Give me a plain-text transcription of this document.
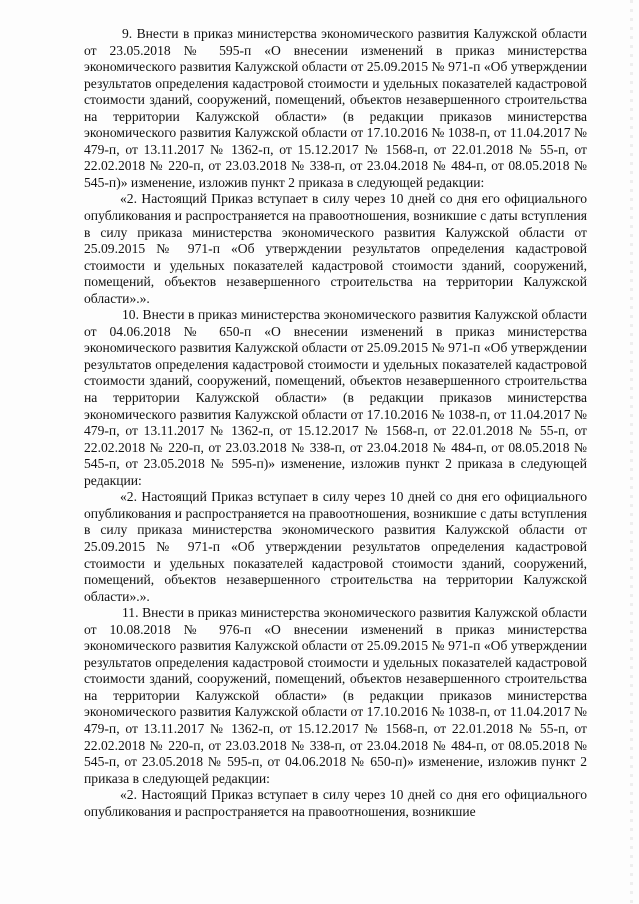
9. Внести в приказ министерства экономического развития Калужской области от 23.05.2018 № 595-п «О внесении изменений в приказ министерства экономического развития Калужской области от 25.09.2015 № 971-п «Об утверждении результатов определения кадастровой стоимости и удельных показателей кадастровой стоимости зданий, сооружений, помещений, объектов незавершенного строительства на территории Калужской области» (в редакции приказов министерства экономического развития Калужской области от 17.10.2016 № 1038-п, от 11.04.2017 № 479-п, от 13.11.2017 № 1362-п, от 15.12.2017 № 1568-п, от 22.01.2018 № 55-п, от 22.02.2018 № 220-п, от 23.03.2018 № 338-п, от 23.04.2018 № 484-п, от 08.05.2018 № 545-п)» изменение, изложив пункт 2 приказа в следующей редакции:

«2. Настоящий Приказ вступает в силу через 10 дней со дня его официального опубликования и распространяется на правоотношения, возникшие с даты вступления в силу приказа министерства экономического развития Калужской области от 25.09.2015 № 971-п «Об утверждении результатов определения кадастровой стоимости и удельных показателей кадастровой стоимости зданий, сооружений, помещений, объектов незавершенного строительства на территории Калужской области».».

10. Внести в приказ министерства экономического развития Калужской области от 04.06.2018 № 650-п «О внесении изменений в приказ министерства экономического развития Калужской области от 25.09.2015 № 971-п «Об утверждении результатов определения кадастровой стоимости и удельных показателей кадастровой стоимости зданий, сооружений, помещений, объектов незавершенного строительства на территории Калужской области» (в редакции приказов министерства экономического развития Калужской области от 17.10.2016 № 1038-п, от 11.04.2017 № 479-п, от 13.11.2017 № 1362-п, от 15.12.2017 № 1568-п, от 22.01.2018 № 55-п, от 22.02.2018 № 220-п, от 23.03.2018 № 338-п, от 23.04.2018 № 484-п, от 08.05.2018 № 545-п, от 23.05.2018 № 595-п)» изменение, изложив пункт 2 приказа в следующей редакции:

«2. Настоящий Приказ вступает в силу через 10 дней со дня его официального опубликования и распространяется на правоотношения, возникшие с даты вступления в силу приказа министерства экономического развития Калужской области от 25.09.2015 № 971-п «Об утверждении результатов определения кадастровой стоимости и удельных показателей кадастровой стоимости зданий, сооружений, помещений, объектов незавершенного строительства на территории Калужской области».».

11. Внести в приказ министерства экономического развития Калужской области от 10.08.2018 № 976-п «О внесении изменений в приказ министерства экономического развития Калужской области от 25.09.2015 № 971-п «Об утверждении результатов определения кадастровой стоимости и удельных показателей кадастровой стоимости зданий, сооружений, помещений, объектов незавершенного строительства на территории Калужской области» (в редакции приказов министерства экономического развития Калужской области от 17.10.2016 № 1038-п, от 11.04.2017 № 479-п, от 13.11.2017 № 1362-п, от 15.12.2017 № 1568-п, от 22.01.2018 № 55-п, от 22.02.2018 № 220-п, от 23.03.2018 № 338-п, от 23.04.2018 № 484-п, от 08.05.2018 № 545-п, от 23.05.2018 № 595-п, от 04.06.2018 № 650-п)» изменение, изложив пункт 2 приказа в следующей редакции:

«2. Настоящий Приказ вступает в силу через 10 дней со дня его официального опубликования и распространяется на правоотношения, возникшие
